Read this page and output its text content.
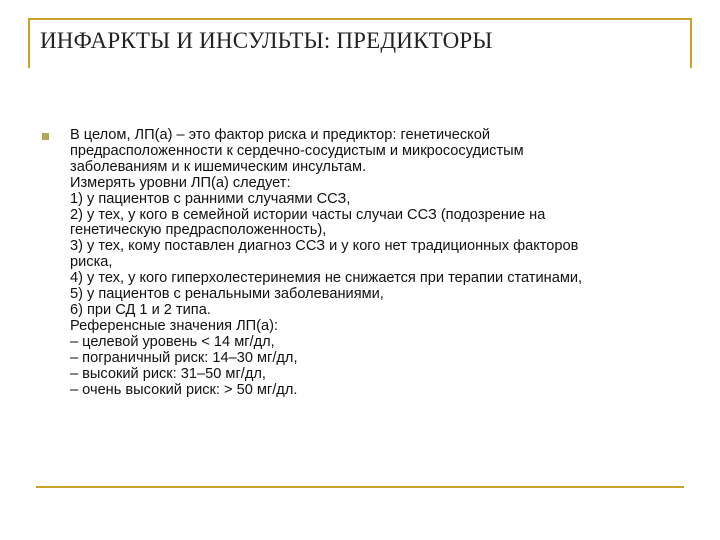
ИНФАРКТЫ И ИНСУЛЬТЫ: ПРЕДИКТОРЫ
В целом, ЛП(а) – это фактор риска и предиктор: генетической
предрасположенности к сердечно-сосудистым и микрососудистым
заболеваниям и к ишемическим инсультам.
Измерять уровни ЛП(а) следует:
1) у пациентов с ранними случаями ССЗ,
2) у тех, у кого в семейной истории часты случаи ССЗ (подозрение на
генетическую предрасположенность),
3) у тех, кому поставлен диагноз ССЗ и у кого нет традиционных факторов
риска,
4) у тех, у кого гиперхолестеринемия не снижается при терапии статинами,
5) у пациентов с ренальными заболеваниями,
6) при СД 1 и 2 типа.
Референсные значения ЛП(а):
– целевой уровень < 14 мг/дл,
– пограничный риск: 14–30 мг/дл,
– высокий риск: 31–50 мг/дл,
– очень высокий риск: > 50 мг/дл.
